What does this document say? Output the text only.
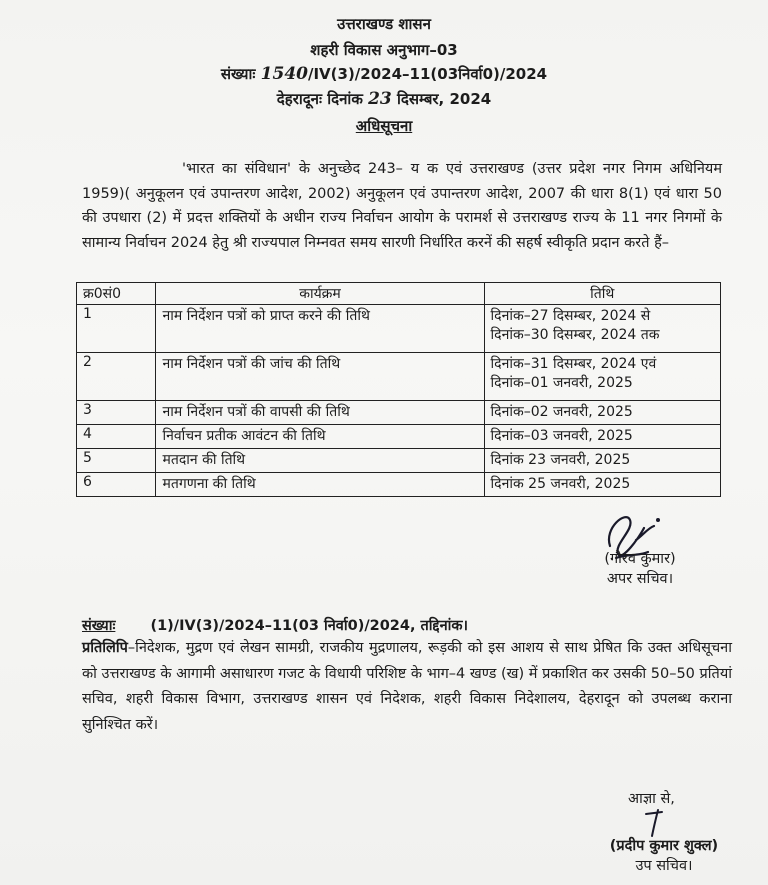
उत्तराखण्ड शासन
शहरी विकास अनुभाग–03
संख्याः 1540/IV(3)/2024–11(03निर्वा0)/2024
देहरादूनः दिनांक 23 दिसम्बर, 2024
अधिसूचना
'भारत का संविधान' के अनुच्छेद 243– य क एवं उत्तराखण्ड (उत्तर प्रदेश नगर निगम अधिनियम 1959)( अनुकूलन एवं उपान्तरण आदेश, 2002) अनुकूलन एवं उपान्तरण आदेश, 2007 की धारा 8(1) एवं धारा 50 की उपधारा (2) में प्रदत्त शक्तियों के अधीन राज्य निर्वाचन आयोग के परामर्श से उत्तराखण्ड राज्य के 11 नगर निगमों के सामान्य निर्वाचन 2024 हेतु श्री राज्यपाल निम्नवत समय सारणी निर्धारित करनें की सहर्ष स्वीकृति प्रदान करते हैं–
क्र0सं0	कार्यक्रम	तिथि
1	नाम निर्देशन पत्रों को प्राप्त करने की तिथि	दिनांक–27 दिसम्बर, 2024 से
दिनांक–30 दिसम्बर, 2024 तक

2	नाम निर्देशन पत्रों की जांच की तिथि	दिनांक–31 दिसम्बर, 2024 एवं
दिनांक–01 जनवरी, 2025

3	नाम निर्देशन पत्रों की वापसी की तिथि	दिनांक–02 जनवरी, 2025
4	निर्वाचन प्रतीक आवंटन की तिथि	दिनांक–03 जनवरी, 2025
5	मतदान की तिथि	दिनांक 23 जनवरी, 2025
6	मतगणना की तिथि	दिनांक 25 जनवरी, 2025
(गौरव कुमार)
अपर सचिव।
संख्याः (1)/IV(3)/2024–11(03 निर्वा0)/2024, तद्दिनांक।
प्रतिलिपि–निदेशक, मुद्रण एवं लेखन सामग्री, राजकीय मुद्रणालय, रूड़की को इस आशय से साथ प्रेषित कि उक्त अधिसूचना को उत्तराखण्ड के आगामी असाधारण गजट के विधायी परिशिष्ट के भाग–4 खण्ड (ख) में प्रकाशित कर उसकी 50–50 प्रतियां सचिव, शहरी विकास विभाग, उत्तराखण्ड शासन एवं निदेशक, शहरी विकास निदेशालय, देहरादून को उपलब्ध कराना सुनिश्चित करें।
आज्ञा से,
(प्रदीप कुमार शुक्ल)
उप सचिव।
